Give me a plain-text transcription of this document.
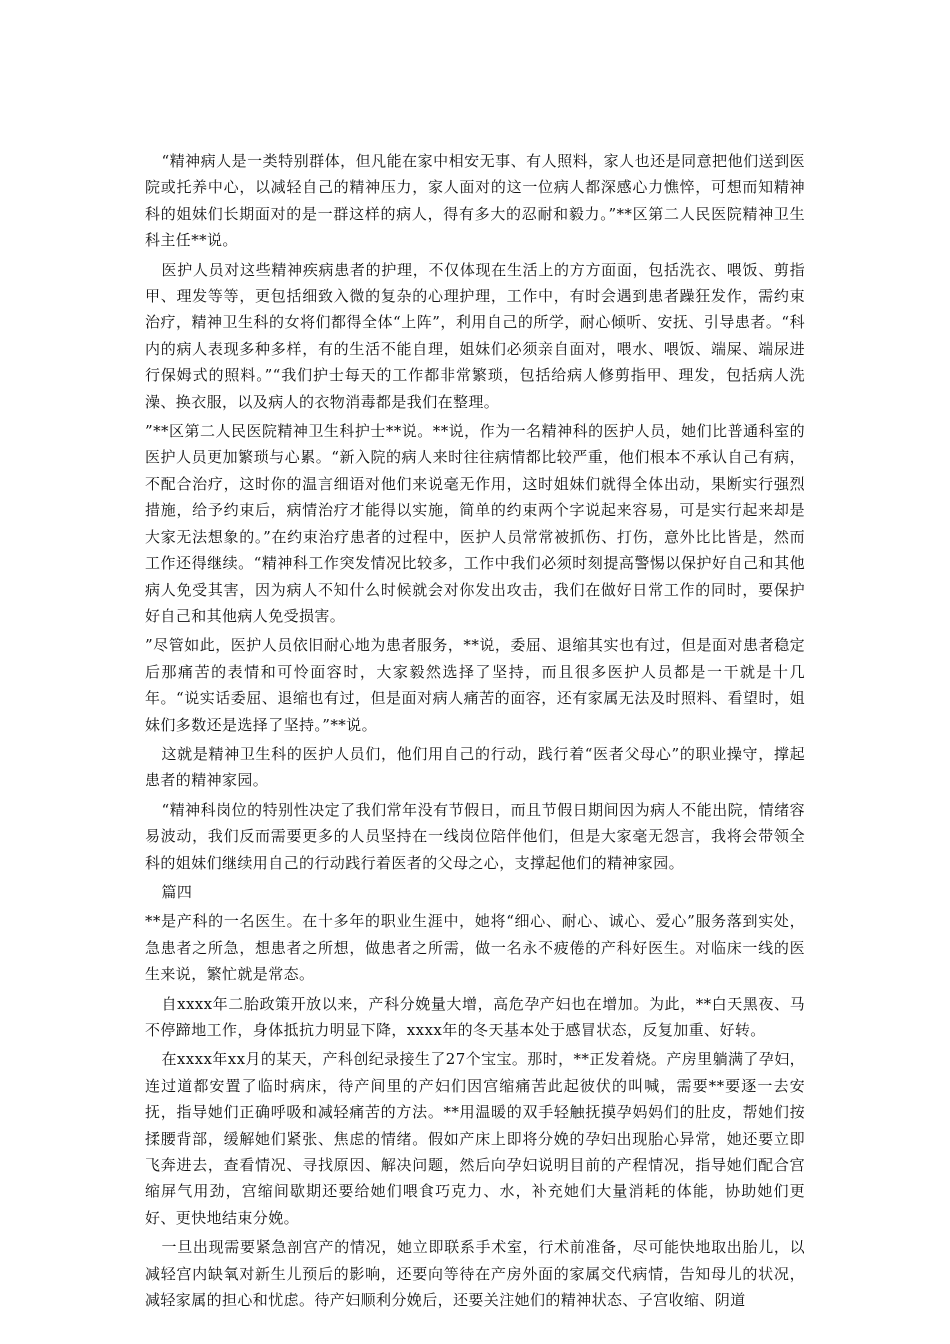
“精神病人是一类特别群体，但凡能在家中相安无事、有人照料，家人也还是同意把他们送到医院或托养中心，以减轻自己的精神压力，家人面对的这一位病人都深感心力憔悴，可想而知精神科的姐妹们长期面对的是一群这样的病人，得有多大的忍耐和毅力。”**区第二人民医院精神卫生科主任**说。

医护人员对这些精神疾病患者的护理，不仅体现在生活上的方方面面，包括洗衣、喂饭、剪指甲、理发等等，更包括细致入微的复杂的心理护理，工作中，有时会遇到患者躁狂发作，需约束治疗，精神卫生科的女将们都得全体“上阵”，利用自己的所学，耐心倾听、安抚、引导患者。“科内的病人表现多种多样，有的生活不能自理，姐妹们必须亲自面对，喂水、喂饭、端屎、端尿进行保姆式的照料。”“我们护士每天的工作都非常繁琐，包括给病人修剪指甲、理发，包括病人洗澡、换衣服，以及病人的衣物消毒都是我们在整理。

”**区第二人民医院精神卫生科护士**说。**说，作为一名精神科的医护人员，她们比普通科室的医护人员更加繁琐与心累。“新入院的病人来时往往病情都比较严重，他们根本不承认自己有病，不配合治疗，这时你的温言细语对他们来说毫无作用，这时姐妹们就得全体出动，果断实行强烈措施，给予约束后，病情治疗才能得以实施，简单的约束两个字说起来容易，可是实行起来却是大家无法想象的。”在约束治疗患者的过程中，医护人员常常被抓伤、打伤，意外比比皆是，然而工作还得继续。“精神科工作突发情况比较多，工作中我们必须时刻提高警惕以保护好自己和其他病人免受其害，因为病人不知什么时候就会对你发出攻击，我们在做好日常工作的同时，要保护好自己和其他病人免受损害。

”尽管如此，医护人员依旧耐心地为患者服务，**说，委屈、退缩其实也有过，但是面对患者稳定后那痛苦的表情和可怜面容时，大家毅然选择了坚持，而且很多医护人员都是一干就是十几年。“说实话委屈、退缩也有过，但是面对病人痛苦的面容，还有家属无法及时照料、看望时，姐妹们多数还是选择了坚持。”**说。

这就是精神卫生科的医护人员们，他们用自己的行动，践行着“医者父母心”的职业操守，撑起患者的精神家园。

“精神科岗位的特别性决定了我们常年没有节假日，而且节假日期间因为病人不能出院，情绪容易波动，我们反而需要更多的人员坚持在一线岗位陪伴他们，但是大家毫无怨言，我将会带领全科的姐妹们继续用自己的行动践行着医者的父母之心，支撑起他们的精神家园。

篇四

**是产科的一名医生。在十多年的职业生涯中，她将“细心、耐心、诚心、爱心”服务落到实处，急患者之所急，想患者之所想，做患者之所需，做一名永不疲倦的产科好医生。对临床一线的医生来说，繁忙就是常态。

自xxxx年二胎政策开放以来，产科分娩量大增，高危孕产妇也在增加。为此，**白天黑夜、马不停蹄地工作，身体抵抗力明显下降，xxxx年的冬天基本处于感冒状态，反复加重、好转。

在xxxx年xx月的某天，产科创纪录接生了27个宝宝。那时，**正发着烧。产房里躺满了孕妇，连过道都安置了临时病床，待产间里的产妇们因宫缩痛苦此起彼伏的叫喊，需要**要逐一去安抚，指导她们正确呼吸和减轻痛苦的方法。**用温暖的双手轻触抚摸孕妈妈们的肚皮，帮她们按揉腰背部，缓解她们紧张、焦虑的情绪。假如产床上即将分娩的孕妇出现胎心异常，她还要立即飞奔进去，查看情况、寻找原因、解决问题，然后向孕妇说明目前的产程情况，指导她们配合宫缩屏气用劲，宫缩间歇期还要给她们喂食巧克力、水，补充她们大量消耗的体能，协助她们更好、更快地结束分娩。

一旦出现需要紧急剖宫产的情况，她立即联系手术室，行术前准备，尽可能快地取出胎儿，以减轻宫内缺氧对新生儿预后的影响，还要向等待在产房外面的家属交代病情，告知母儿的状况，减轻家属的担心和忧虑。待产妇顺利分娩后，还要关注她们的精神状态、子宫收缩、阴道
